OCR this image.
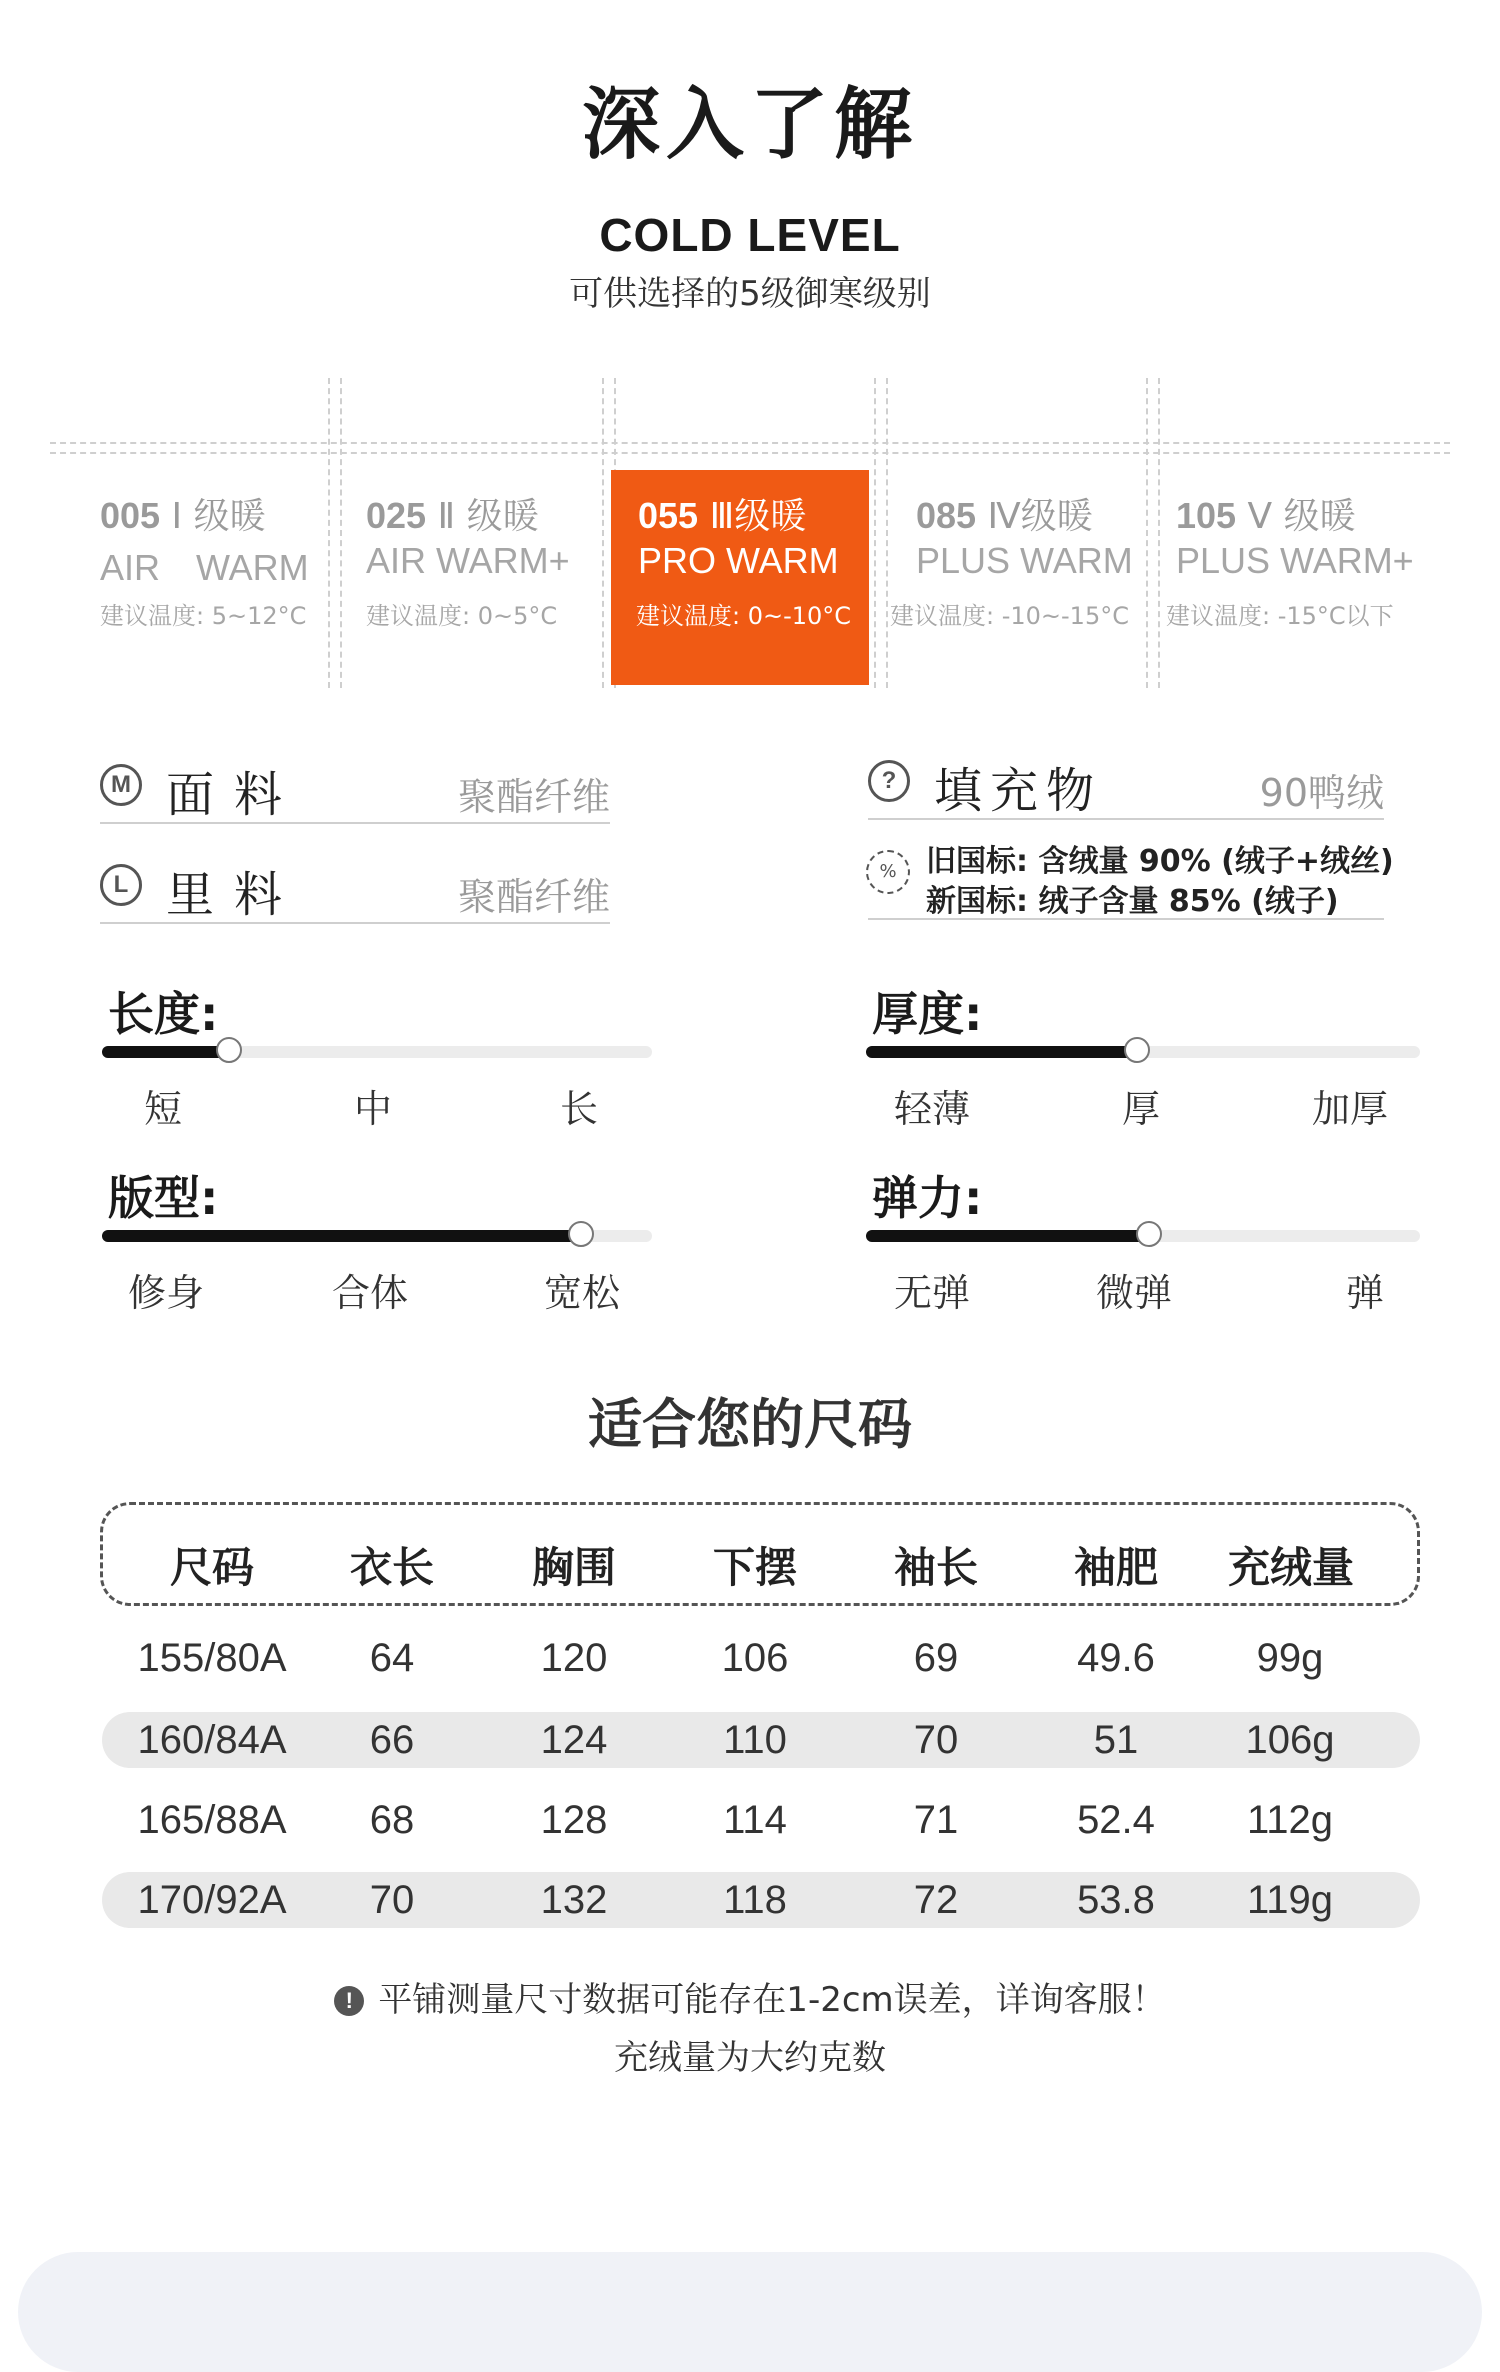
深入了解
COLD LEVEL
可供选择的5级御寒级别
005 Ⅰ 级暖
AIR　WARM
建议温度: 5~12°C
025 Ⅱ 级暖
AIR WARM+
建议温度: 0~5°C
055 Ⅲ级暖
PRO WARM
建议温度: 0~-10°C
085 Ⅳ级暖
PLUS WARM
建议温度: -10~-15°C
105 Ⅴ 级暖
PLUS WARM+
建议温度: -15°C以下
M 面料	聚酯纤维
L 里料	聚酯纤维
? 填充物	90鸭绒
% 旧国标: 含绒量 90% (绒子+绒丝)
新国标: 绒子含量 85% (绒子)
长度:
短	中	长
版型:
修身	合体	宽松
厚度:
轻薄	厚	加厚
弹力:
无弹	微弹	弹
适合您的尺码
尺码	衣长	胸围	下摆	袖长	袖肥	充绒量
155/80A	64	120	106	69	49.6	99g
160/84A	66	124	110	70	51	106g
165/88A	68	128	114	71	52.4	112g
170/92A	70	132	118	72	53.8	119g
! 平铺测量尺寸数据可能存在1-2cm误差，详询客服！
充绒量为大约克数
